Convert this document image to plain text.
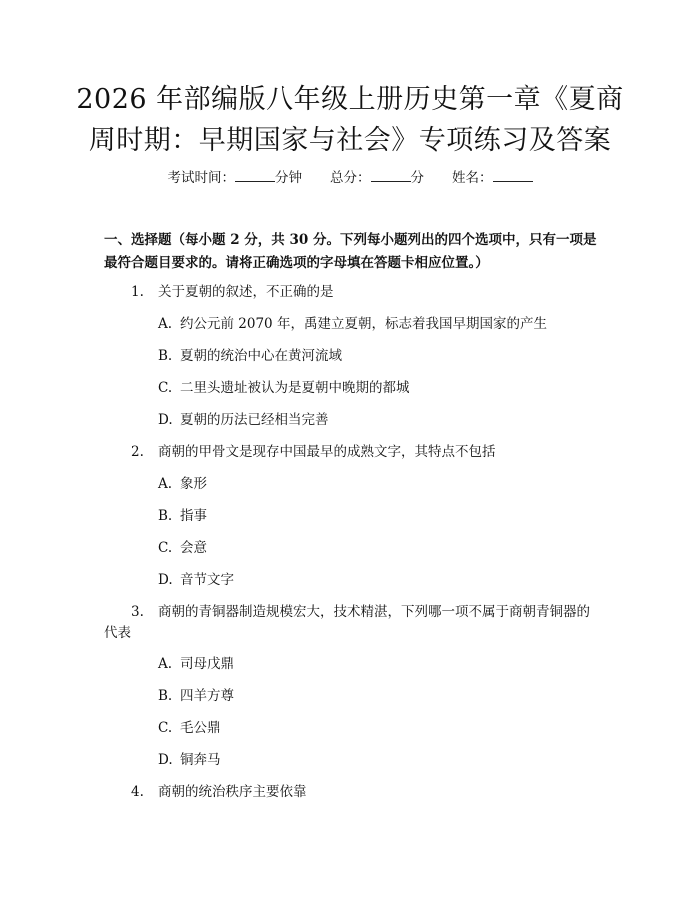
2026 年部编版八年级上册历史第一章《夏商
周时期：早期国家与社会》专项练习及答案
考试时间：	分钟 总分：	分 姓名：
一、选择题（每小题 2 分，共 30 分。下列每小题列出的四个选项中，只有一项是
最符合题目要求的。请将正确选项的字母填在答题卡相应位置。）
1. 关于夏朝的叙述，不正确的是
A. 约公元前 2070 年，禹建立夏朝，标志着我国早期国家的产生
B. 夏朝的统治中心在黄河流域
C. 二里头遗址被认为是夏朝中晚期的都城
D. 夏朝的历法已经相当完善
2. 商朝的甲骨文是现存中国最早的成熟文字，其特点不包括
A. 象形
B. 指事
C. 会意
D. 音节文字
3. 商朝的青铜器制造规模宏大，技术精湛，下列哪一项不属于商朝青铜器的
代表
A. 司母戊鼎
B. 四羊方尊
C. 毛公鼎
D. 铜奔马
4. 商朝的统治秩序主要依靠
